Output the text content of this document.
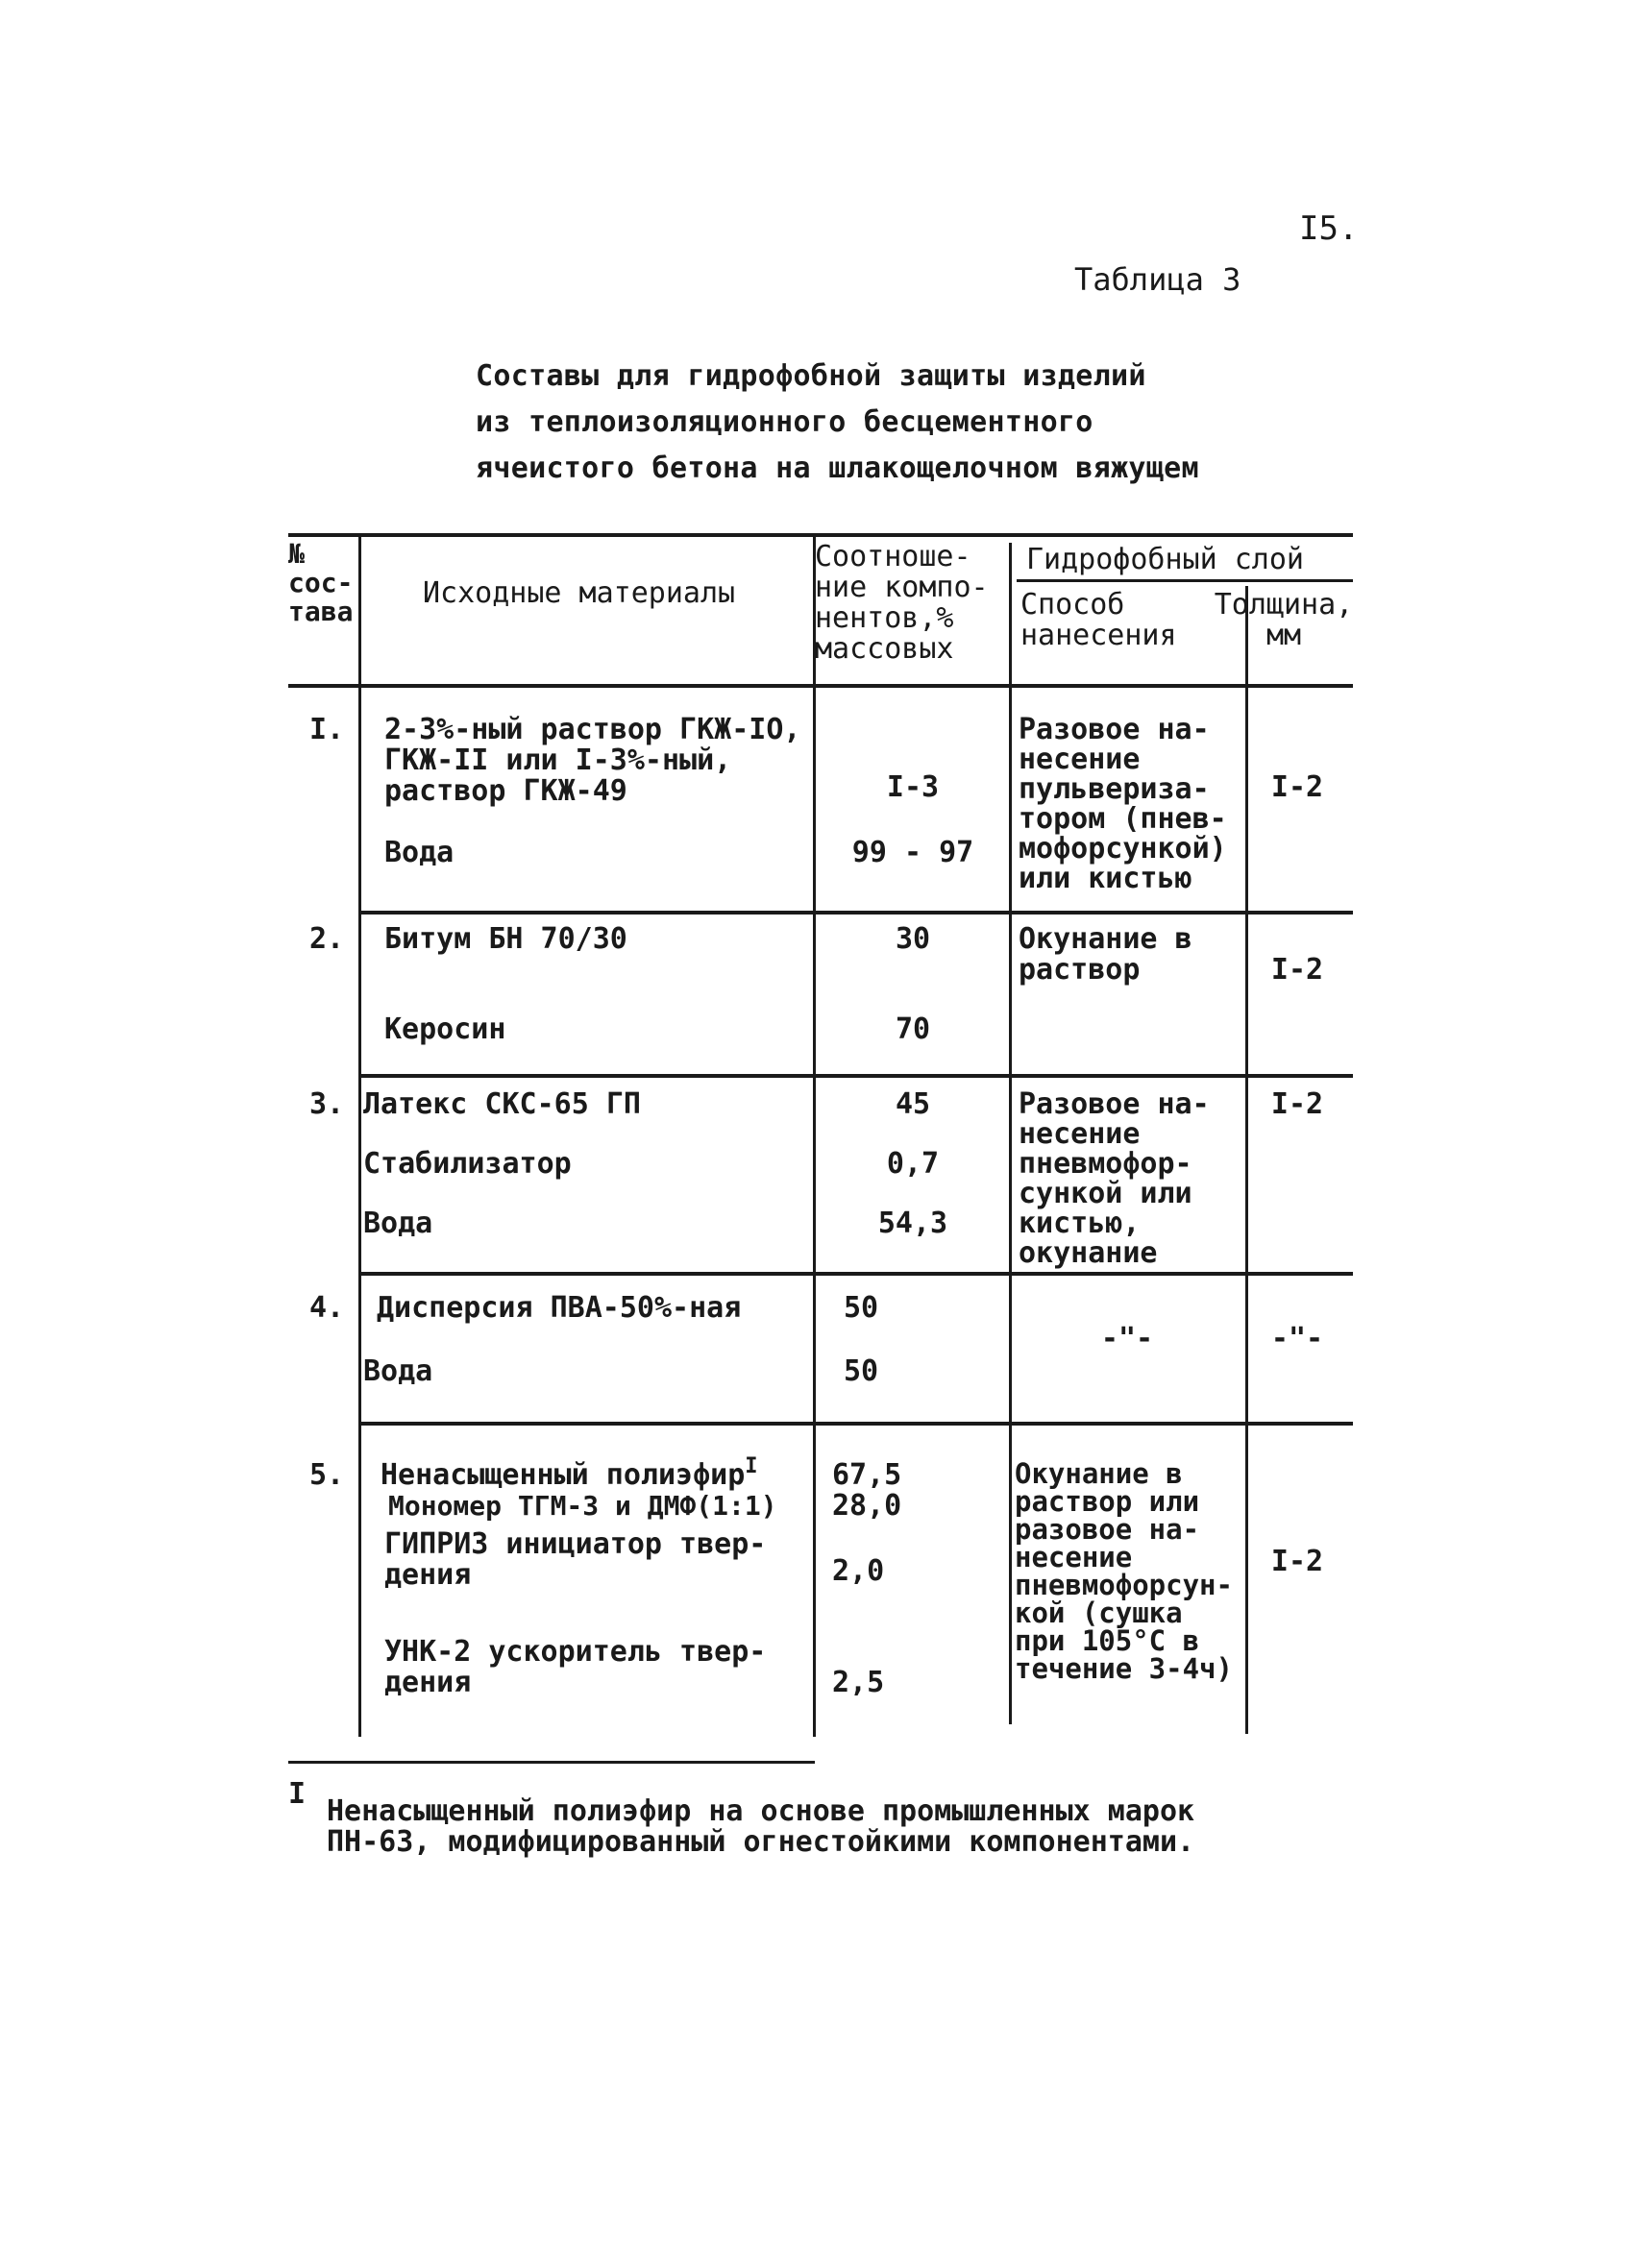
I5.
Таблица 3
Составы для гидрофобной защиты изделий
из теплоизоляционного бесцементного
ячеистого бетона на шлакощелочном вяжущем
№
сос-
тава
Исходные материалы
Соотноше-
ние компо-
нентов,%
массовых
Гидрофобный слой
Способ
нанесения
Толщина,
мм
I. 2-3%-ный раствор ГКЖ-IO,
ГКЖ-II или I-3%-ный,
раствор ГКЖ-49
Вода
I-3
99 - 97
Разовое на-
несение
пульвериза-
тором (пнев-
мофорсункой)
или кистью
I-2
2. Битум БН 70/30
Керосин
30
70
Окунание в
раствор	I-2
3. Латекс СКС-65 ГП
Стабилизатор
Вода
45
0,7
54,3
Разовое на-
несение
пневмофор-
сункой или
кистью,
окунание
I-2
4. Дисперсия ПВА-50%-ная
Вода
50
50
-"-	-"-
5. Ненасыщенный полиэфир$^I$
Мономер ТГМ-3 и ДМФ(1:1)
ГИПРИЗ инициатор твер-
дения
УНК-2 ускоритель твер-
дения
67,5
28,0
2,0
2,5
Окунание в
раствор или
разовое на-
несение
пневмофорсун-
кой (сушка
при 105°С в
течение 3-4ч)
I-2
I
Ненасыщенный полиэфир на основе промышленных марок
ПН-63, модифицированный огнестойкими компонентами.
